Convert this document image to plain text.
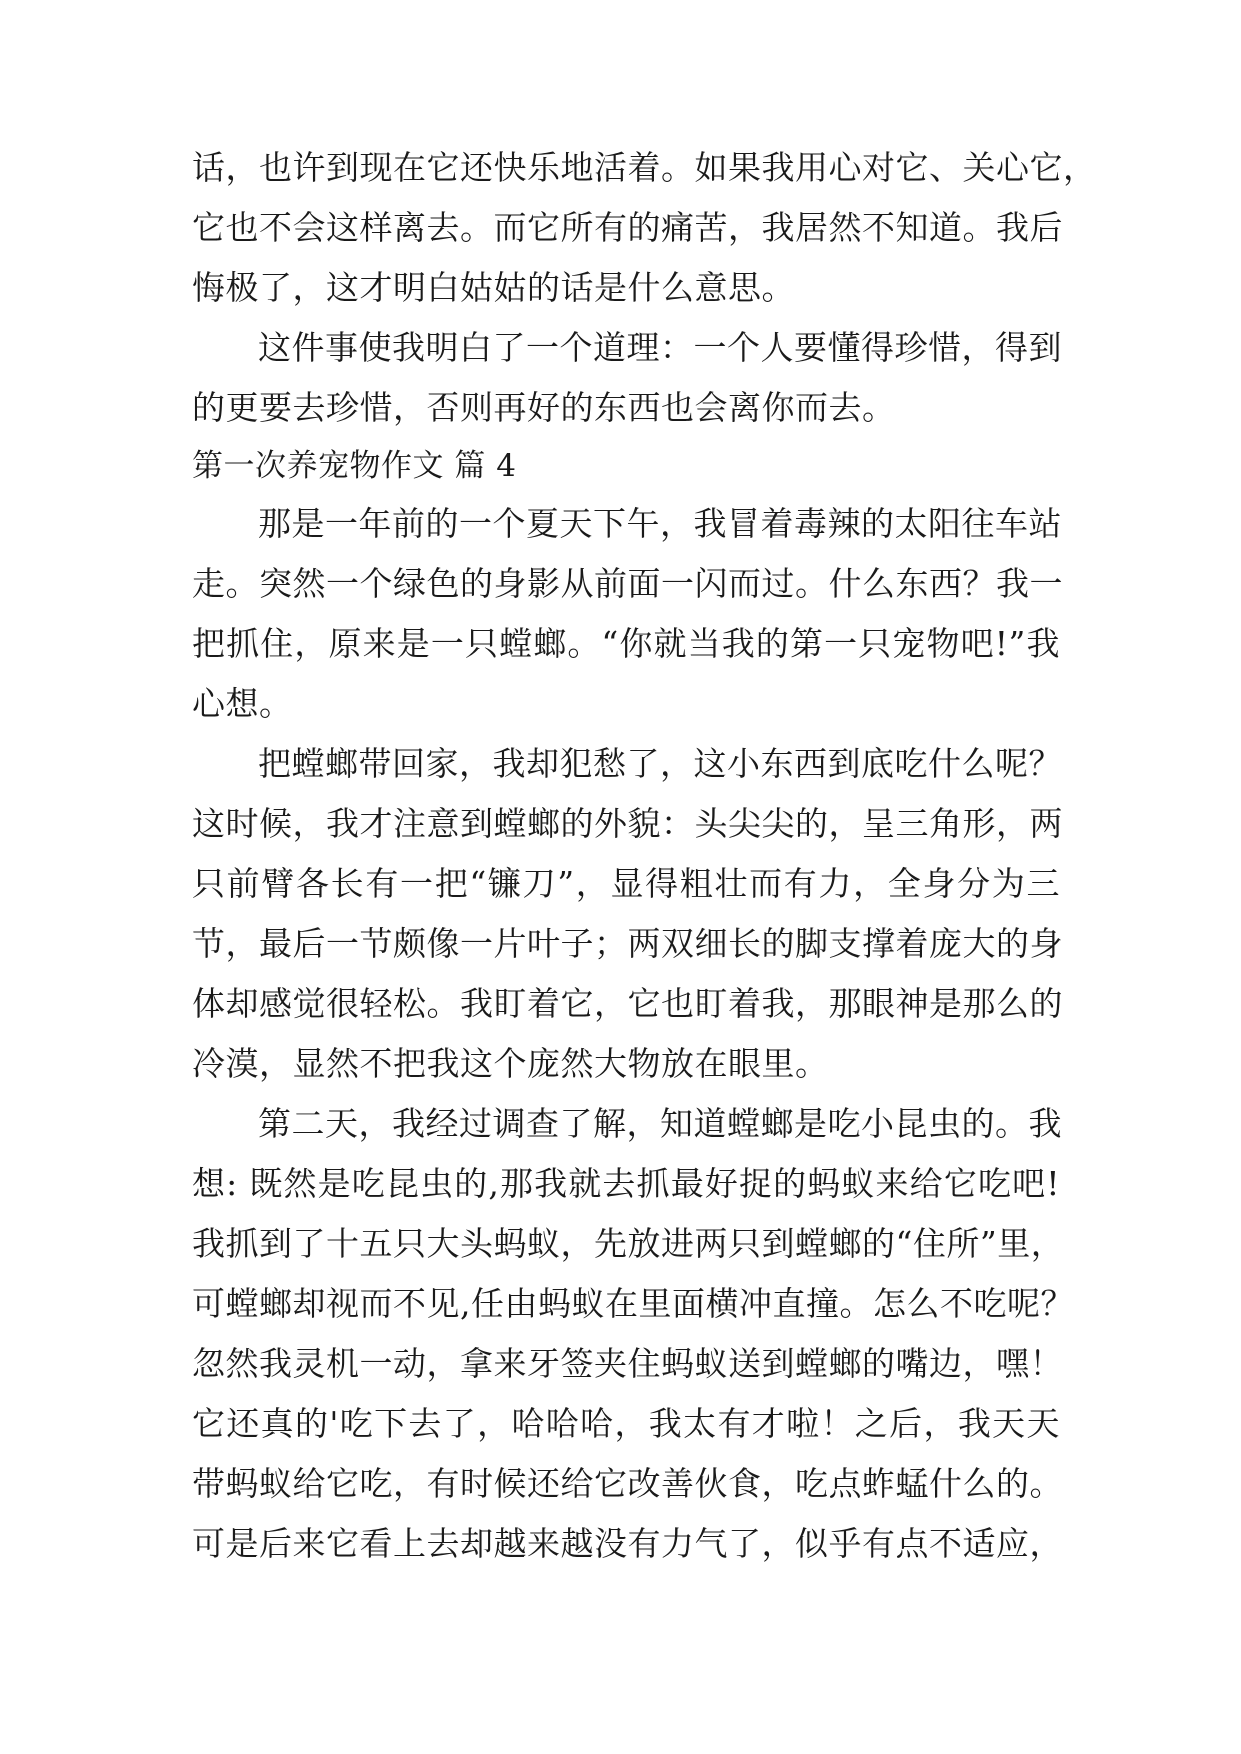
话，也许到现在它还快乐地活着。如果我用心对它、关心它，
它也不会这样离去。而它所有的痛苦，我居然不知道。我后
悔极了，这才明白姑姑的话是什么意思。
这件事使我明白了一个道理：一个人要懂得珍惜，得到
的更要去珍惜，否则再好的东西也会离你而去。
第一次养宠物作文 篇 4
那是一年前的一个夏天下午，我冒着毒辣的太阳往车站
走。突然一个绿色的身影从前面一闪而过。什么东西？我一
把抓住，原来是一只螳螂。“你就当我的第一只宠物吧!”我
心想。
把螳螂带回家，我却犯愁了，这小东西到底吃什么呢？
这时候，我才注意到螳螂的外貌：头尖尖的，呈三角形，两
只前臂各长有一把“镰刀”，显得粗壮而有力，全身分为三
节，最后一节颇像一片叶子；两双细长的脚支撑着庞大的身
体却感觉很轻松。我盯着它，它也盯着我，那眼神是那么的
冷漠，显然不把我这个庞然大物放在眼里。
第二天，我经过调查了解，知道螳螂是吃小昆虫的。我
想: 既然是吃昆虫的,那我就去抓最好捉的蚂蚁来给它吃吧!
我抓到了十五只大头蚂蚁，先放进两只到螳螂的“住所”里，
可螳螂却视而不见,任由蚂蚁在里面横冲直撞。怎么不吃呢？
忽然我灵机一动，拿来牙签夹住蚂蚁送到螳螂的嘴边，嘿！
它还真的'吃下去了，哈哈哈，我太有才啦！之后，我天天
带蚂蚁给它吃，有时候还给它改善伙食，吃点蚱蜢什么的。
可是后来它看上去却越来越没有力气了，似乎有点不适应，
